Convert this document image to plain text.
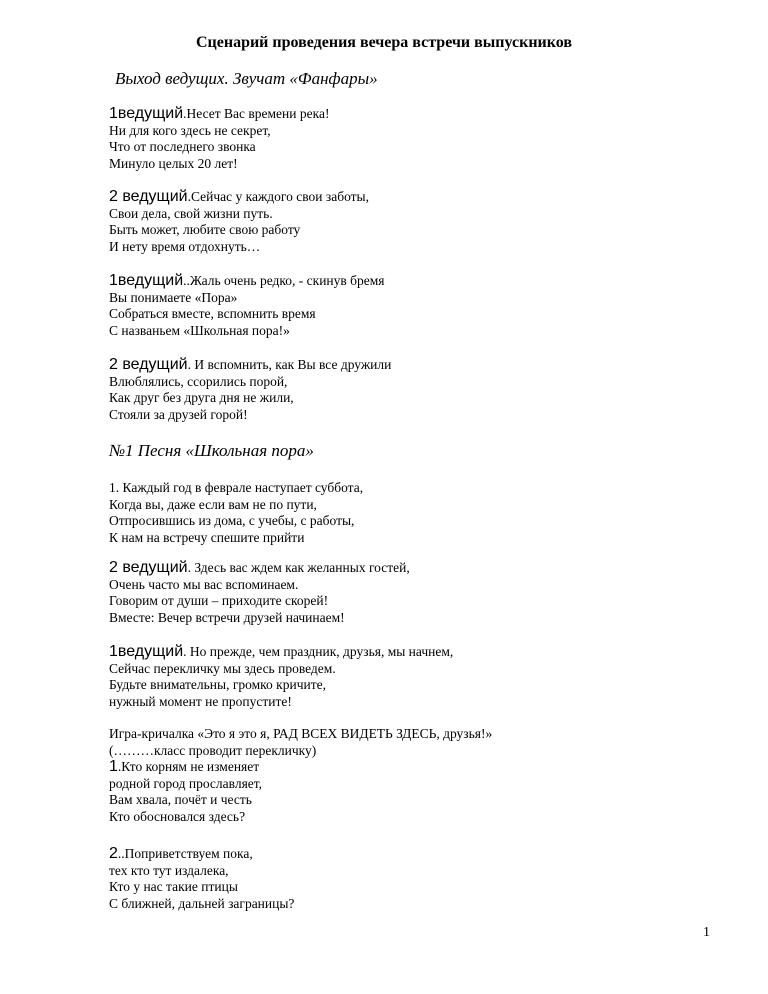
Сценарий проведения вечера встречи выпускников
Выход ведущих. Звучат «Фанфары»
1ведущий.Несет Вас времени река!
Ни для кого здесь не секрет,
Что от последнего звонка
Минуло целых 20 лет!
2 ведущий.Сейчас у каждого свои заботы,
Свои дела, свой жизни путь.
Быть может, любите свою работу
И нету время отдохнуть…
1ведущий..Жаль очень редко, - скинув бремя
Вы понимаете «Пора»
Собраться вместе, вспомнить время
С названьем «Школьная пора!»
2 ведущий. И вспомнить, как Вы все дружили
Влюблялись, ссорились порой,
Как друг без друга дня не жили,
Стояли за друзей горой!
№1 Песня «Школьная пора»
1. Каждый год в феврале наступает суббота,
Когда вы, даже если вам не по пути,
Отпросившись из дома, с учебы, с работы,
К нам на встречу спешите прийти
2 ведущий. Здесь вас ждем как желанных гостей,
Очень часто мы вас вспоминаем.
Говорим от души – приходите скорей!
Вместе: Вечер встречи друзей начинаем!
1ведущий. Но прежде, чем праздник, друзья, мы начнем,
Сейчас перекличку мы здесь проведем.
Будьте внимательны, громко кричите,
нужный момент не пропустите!
Игра-кричалка «Это я это я, РАД ВСЕХ ВИДЕТЬ ЗДЕСЬ, друзья!»
(………класс проводит перекличку)
1.Кто корням не изменяет
родной город прославляет,
Вам хвала, почёт и честь
Кто обосновался здесь?
2..Поприветствуем пока,
тех кто тут издалека,
Кто у нас такие птицы
С ближней, дальней заграницы?
1
